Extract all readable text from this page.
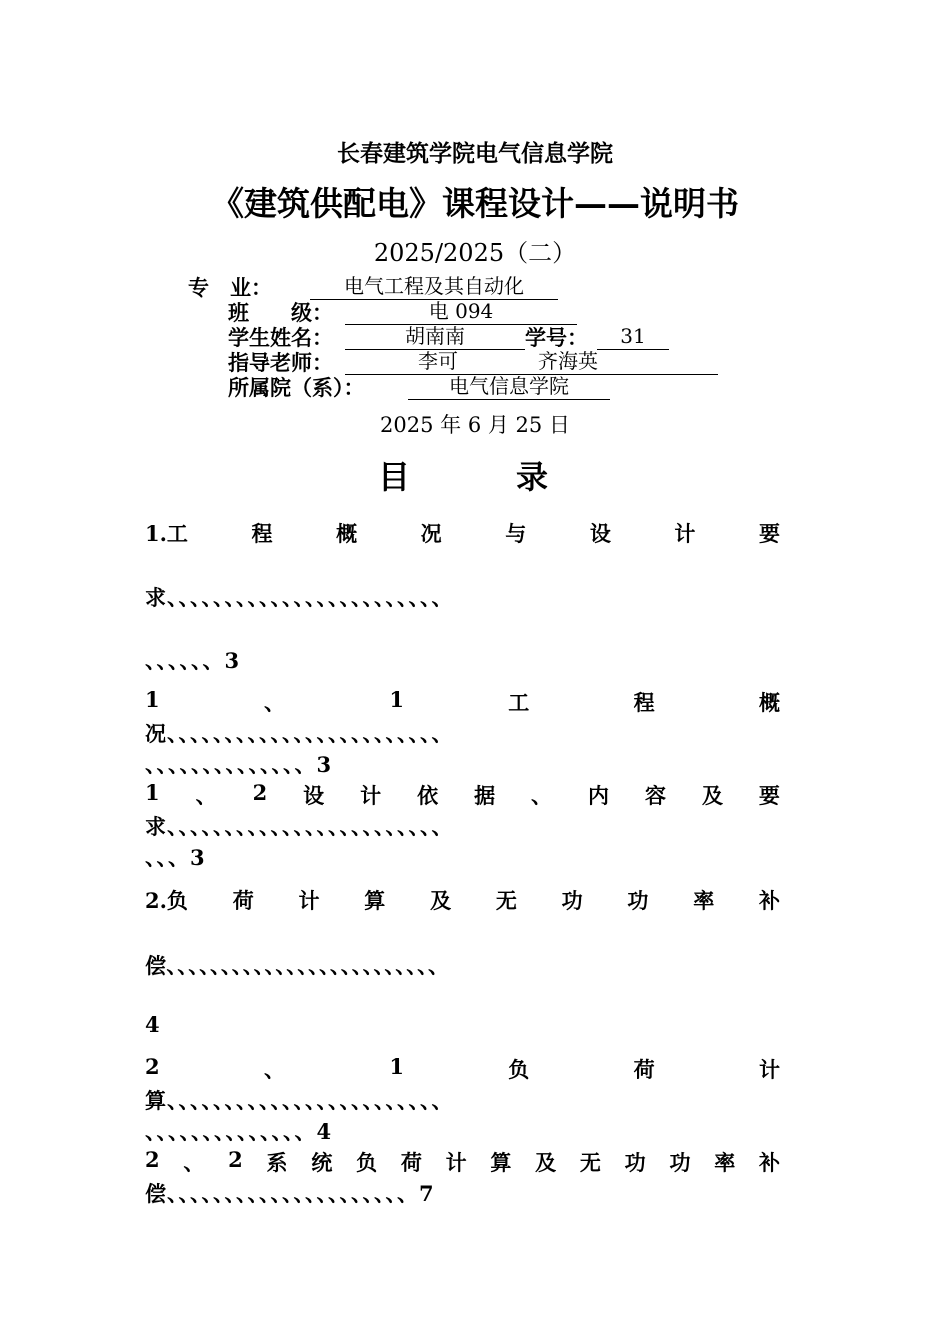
长春建筑学院电气信息学院
《建筑供配电》课程设计——说明书
2025/2025（二）
专　业：	电气工程及其自动化
班　　级：	电 094
学生姓名：	胡南南	学号：	31
指导老师：	李可	齐海英
所属院（系）：	电气信息学院
2025 年 6 月 25 日
目	录
1.工	程	概	况	与	设	计	要
求、、、、、、、、、、、、、、、、、、、、、、、、
、、、、、、3
1	、	1	工	程	概
况、、、、、、、、、、、、、、、、、、、、、、、、
、、、、、、、、、、、、、、3
1 、 2 设 计 依 据 、 内 容 及 要
求、、、、、、、、、、、、、、、、、、、、、、、、
、、、3
2.负 荷 计 算 及 无 功 功 率 补
偿、、、、、、、、、、、、、、、、、、、、、、、、、
4
2	、	1	负	荷	计
算、、、、、、、、、、、、、、、、、、、、、、、、
、、、、、、、、、、、、、、4
2 、 2 系 统 负 荷 计 算 及 无 功 功 率 补
偿、、、、、、、、、、、、、、、、、、、、、7
